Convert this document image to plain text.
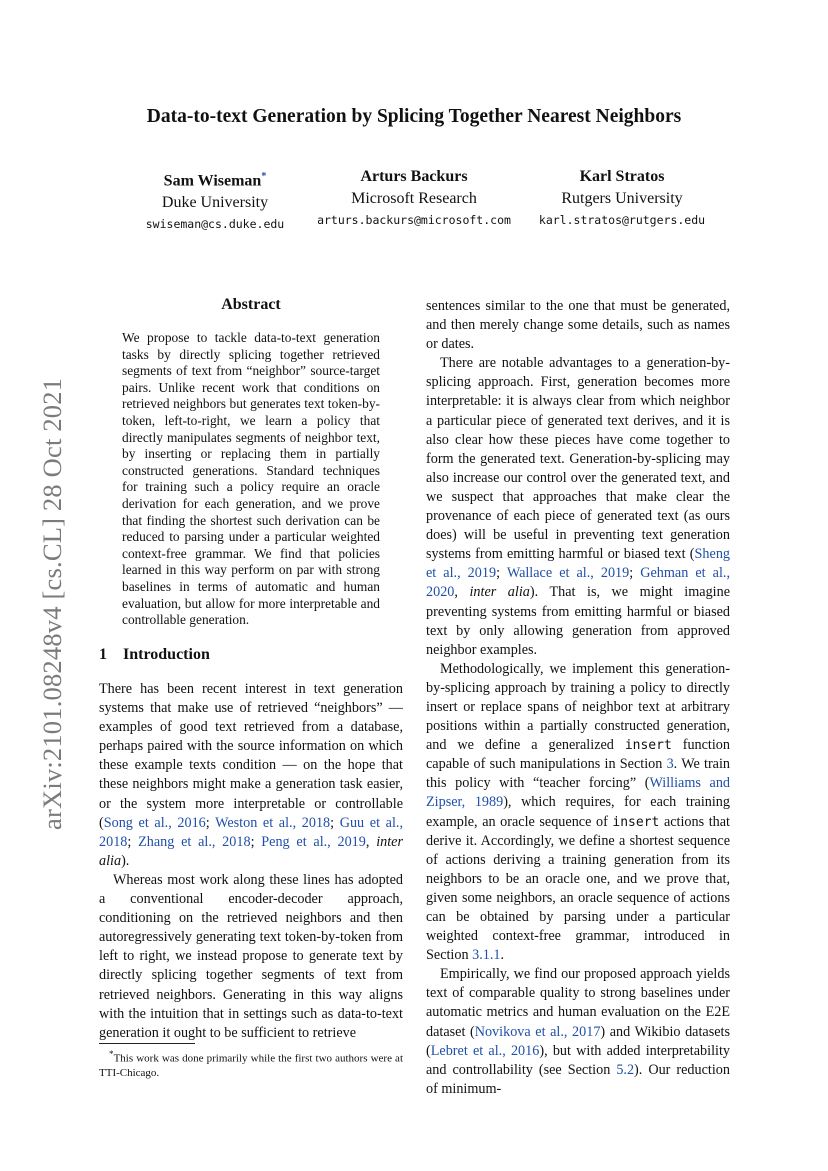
Data-to-text Generation by Splicing Together Nearest Neighbors
Sam Wiseman*
Duke University
swiseman@cs.duke.edu
Arturs Backurs
Microsoft Research
arturs.backurs@microsoft.com
Karl Stratos
Rutgers University
karl.stratos@rutgers.edu
arXiv:2101.08248v4 [cs.CL] 28 Oct 2021
Abstract
We propose to tackle data-to-text generation tasks by directly splicing together retrieved segments of text from “neighbor” source-target pairs. Unlike recent work that conditions on retrieved neighbors but generates text token-by-token, left-to-right, we learn a policy that directly manipulates segments of neighbor text, by inserting or replacing them in partially constructed generations. Standard techniques for training such a policy require an oracle derivation for each generation, and we prove that finding the shortest such derivation can be reduced to parsing under a particular weighted context-free grammar. We find that policies learned in this way perform on par with strong baselines in terms of automatic and human evaluation, but allow for more interpretable and controllable generation.
1 Introduction

There has been recent interest in text generation systems that make use of retrieved “neighbors” — examples of good text retrieved from a database, perhaps paired with the source information on which these example texts condition — on the hope that these neighbors might make a generation task easier, or the system more interpretable or controllable (Song et al., 2016; Weston et al., 2018; Guu et al., 2018; Zhang et al., 2018; Peng et al., 2019, inter alia).

Whereas most work along these lines has adopted a conventional encoder-decoder approach, conditioning on the retrieved neighbors and then autoregressively generating text token-by-token from left to right, we instead propose to generate text by directly splicing together segments of text from retrieved neighbors. Generating in this way aligns with the intuition that in settings such as data-to-text generation it ought to be sufficient to retrieve

*This work was done primarily while the first two authors were at TTI-Chicago.

sentences similar to the one that must be generated, and then merely change some details, such as names or dates.

There are notable advantages to a generation-by-splicing approach. First, generation becomes more interpretable: it is always clear from which neighbor a particular piece of generated text derives, and it is also clear how these pieces have come together to form the generated text. Generation-by-splicing may also increase our control over the generated text, and we suspect that approaches that make clear the provenance of each piece of generated text (as ours does) will be useful in preventing text generation systems from emitting harmful or biased text (Sheng et al., 2019; Wallace et al., 2019; Gehman et al., 2020, inter alia). That is, we might imagine preventing systems from emitting harmful or biased text by only allowing generation from approved neighbor examples.

Methodologically, we implement this generation-by-splicing approach by training a policy to directly insert or replace spans of neighbor text at arbitrary positions within a partially constructed generation, and we define a generalized insert function capable of such manipulations in Section 3. We train this policy with “teacher forcing” (Williams and Zipser, 1989), which requires, for each training example, an oracle sequence of insert actions that derive it. Accordingly, we define a shortest sequence of actions deriving a training generation from its neighbors to be an oracle one, and we prove that, given some neighbors, an oracle sequence of actions can be obtained by parsing under a particular weighted context-free grammar, introduced in Section 3.1.1.

Empirically, we find our proposed approach yields text of comparable quality to strong baselines under automatic metrics and human evaluation on the E2E dataset (Novikova et al., 2017) and Wikibio datasets (Lebret et al., 2016), but with added interpretability and controllability (see Section 5.2). Our reduction of minimum-
